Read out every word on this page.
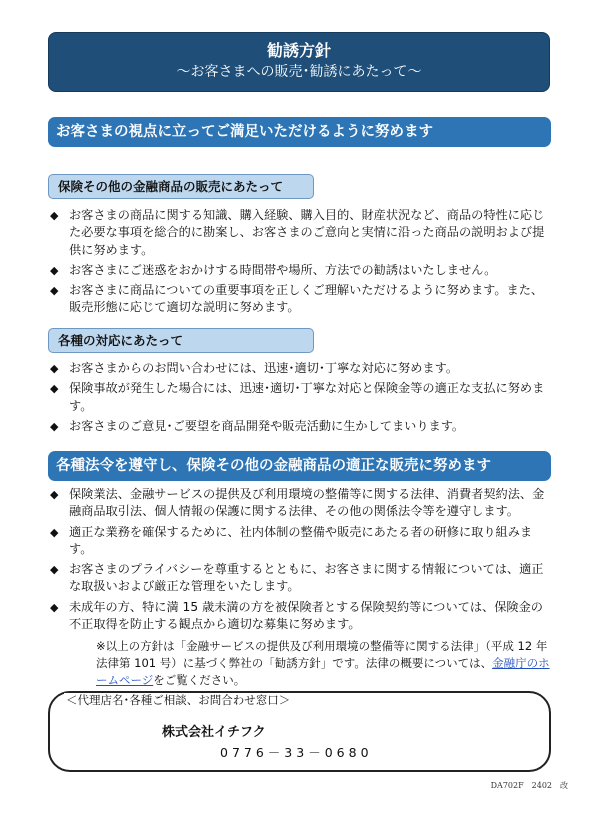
勧誘方針
～お客さまへの販売･勧誘にあたって～
お客さまの視点に立ってご満足いただけるように努めます
保険その他の金融商品の販売にあたって
◆ お客さまの商品に関する知識、購入経験、購入目的、財産状況など、商品の特性に応じた必要な事項を総合的に勘案し、お客さまのご意向と実情に沿った商品の説明および提供に努めます。
◆ お客さまにご迷惑をおかけする時間帯や場所、方法での勧誘はいたしません。
◆ お客さまに商品についての重要事項を正しくご理解いただけるように努めます。また、販売形態に応じて適切な説明に努めます。
各種の対応にあたって
◆ お客さまからのお問い合わせには、迅速･適切･丁寧な対応に努めます。
◆ 保険事故が発生した場合には、迅速･適切･丁寧な対応と保険金等の適正な支払に努めます。
◆ お客さまのご意見･ご要望を商品開発や販売活動に生かしてまいります。
各種法令を遵守し、保険その他の金融商品の適正な販売に努めます
◆ 保険業法、金融サービスの提供及び利用環境の整備等に関する法律、消費者契約法、金融商品取引法、個人情報の保護に関する法律、その他の関係法令等を遵守します。
◆ 適正な業務を確保するために、社内体制の整備や販売にあたる者の研修に取り組みます。
◆ お客さまのプライバシーを尊重するとともに、お客さまに関する情報については、適正な取扱いおよび厳正な管理をいたします。
◆ 未成年の方、特に満 15 歳未満の方を被保険者とする保険契約等については、保険金の不正取得を防止する観点から適切な募集に努めます。
※以上の方針は「金融サービスの提供及び利用環境の整備等に関する法律」（平成 12 年法律第 101 号）に基づく弊社の「勧誘方針」です。法律の概要については、金融庁のホームページをご覧ください。
＜代理店名･各種ご相談、お問合わせ窓口＞
株式会社イチフク
0776－33－0680
DA702F　2402　改
